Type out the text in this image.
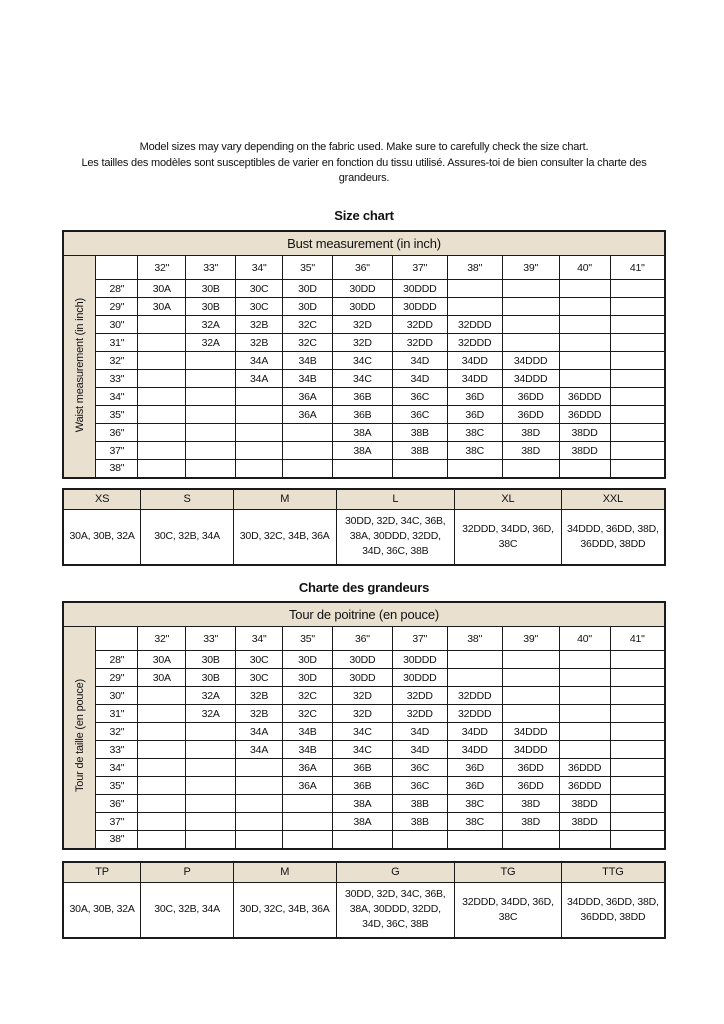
Model sizes may vary depending on the fabric used. Make sure to carefully check the size chart.
Les tailles des modèles sont susceptibles de varier en fonction du tissu utilisé. Assures-toi de bien consulter la charte des grandeurs.
Size chart
Bust measurement (in inch)											
Waist measurement (in inch)		32"	33"	34"	35"	36"	37"	38"	39"	40"	41"
	28"	30A	30B	30C	30D	30DD	30DDD				
	29"	30A	30B	30C	30D	30DD	30DDD				
	30"		32A	32B	32C	32D	32DD	32DDD			
	31"		32A	32B	32C	32D	32DD	32DDD			
	32"			34A	34B	34C	34D	34DD	34DDD		
	33"			34A	34B	34C	34D	34DD	34DDD		
	34"				36A	36B	36C	36D	36DD	36DDD	
	35"				36A	36B	36C	36D	36DD	36DDD	
	36"					38A	38B	38C	38D	38DD	
	37"					38A	38B	38C	38D	38DD	
	38"										
XS	S	M	L	XL	XXL
30A, 30B, 32A	30C, 32B, 34A	30D, 32C, 34B, 36A	30DD, 32D, 34C, 36B, 38A, 30DDD, 32DD, 34D, 36C, 38B	32DDD, 34DD, 36D, 38C	34DDD, 36DD, 38D, 36DDD, 38DD
Charte des grandeurs
Tour de poitrine (en pouce)											
Tour de taille (en pouce)		32"	33"	34"	35"	36"	37"	38"	39"	40"	41"
	28"	30A	30B	30C	30D	30DD	30DDD				
	29"	30A	30B	30C	30D	30DD	30DDD				
	30"		32A	32B	32C	32D	32DD	32DDD			
	31"		32A	32B	32C	32D	32DD	32DDD			
	32"			34A	34B	34C	34D	34DD	34DDD		
	33"			34A	34B	34C	34D	34DD	34DDD		
	34"				36A	36B	36C	36D	36DD	36DDD	
	35"				36A	36B	36C	36D	36DD	36DDD	
	36"					38A	38B	38C	38D	38DD	
	37"					38A	38B	38C	38D	38DD	
	38"										
TP	P	M	G	TG	TTG
30A, 30B, 32A	30C, 32B, 34A	30D, 32C, 34B, 36A	30DD, 32D, 34C, 36B, 38A, 30DDD, 32DD, 34D, 36C, 38B	32DDD, 34DD, 36D, 38C	34DDD, 36DD, 38D, 36DDD, 38DD
